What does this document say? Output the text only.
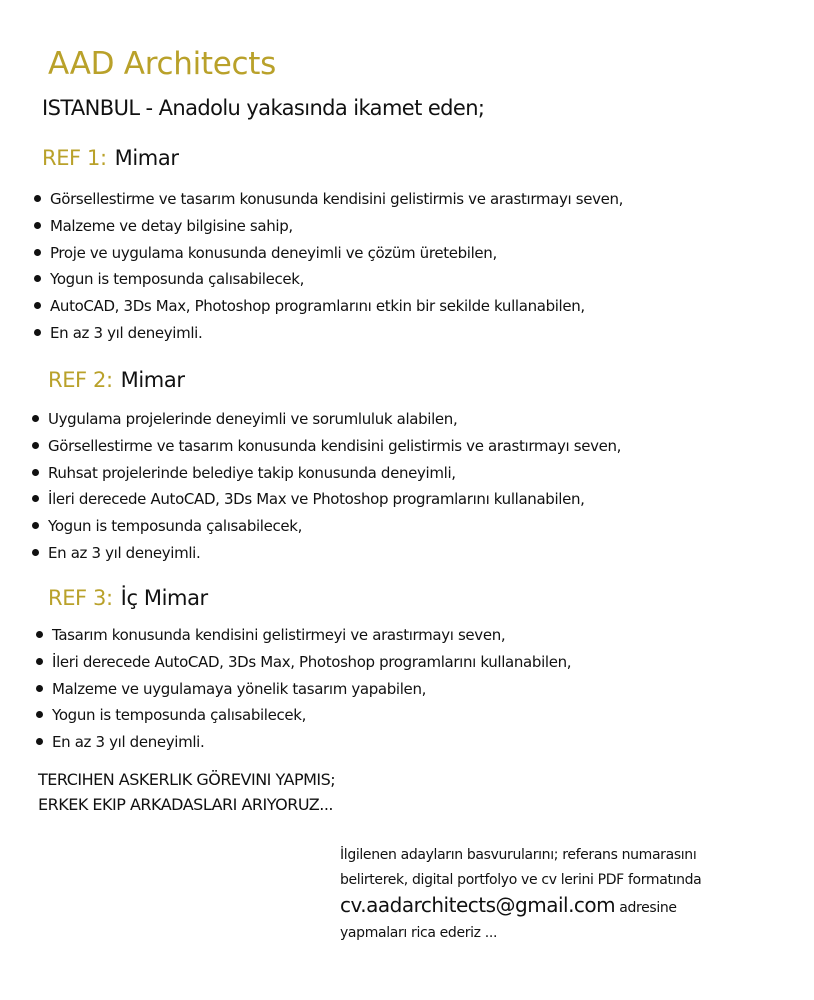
AAD Architects
ISTANBUL - Anadolu yakasında ikamet eden;
REF 1: Mimar
Görsellestirme ve tasarım konusunda kendisini gelistirmis ve arastırmayı seven,
Malzeme ve detay bilgisine sahip,
Proje ve uygulama konusunda deneyimli ve çözüm üretebilen,
Yogun is temposunda çalısabilecek,
AutoCAD, 3Ds Max, Photoshop programlarını etkin bir sekilde kullanabilen,
En az 3 yıl deneyimli.
REF 2: Mimar
Uygulama projelerinde deneyimli ve sorumluluk alabilen,
Görsellestirme ve tasarım konusunda kendisini gelistirmis ve arastırmayı seven,
Ruhsat projelerinde belediye takip konusunda deneyimli,
İleri derecede AutoCAD, 3Ds Max ve Photoshop programlarını kullanabilen,
Yogun is temposunda çalısabilecek,
En az 3 yıl deneyimli.
REF 3: İç Mimar
Tasarım konusunda kendisini gelistirmeyi ve arastırmayı seven,
İleri derecede AutoCAD, 3Ds Max, Photoshop programlarını kullanabilen,
Malzeme ve uygulamaya yönelik tasarım yapabilen,
Yogun is temposunda çalısabilecek,
En az 3 yıl deneyimli.
TERCIHEN ASKERLIK GÖREVINI YAPMIS;
ERKEK EKIP ARKADASLARI ARIYORUZ...
İlgilenen adayların basvurularını; referans numarasını
belirterek, digital portfolyo ve cv lerini PDF formatında
cv.aadarchitects@gmail.com adresine
yapmaları rica ederiz ...
